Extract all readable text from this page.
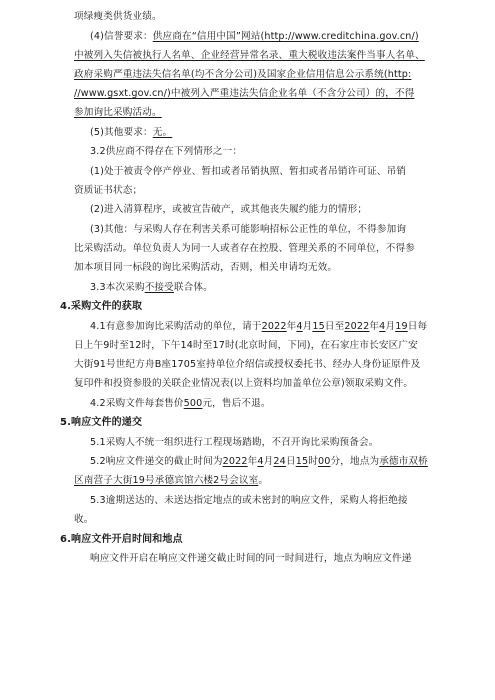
项绿瘦类供货业绩。
(4)信誉要求：供应商在“信用中国”网站(http://www.creditchina.gov.cn/)
中被列入失信被执行人名单、企业经营异常名录、重大税收违法案件当事人名单、
政府采购严重违法失信名单(均不含分公司)及国家企业信用信息公示系统(http:
//www.gsxt.gov.cn/)中被列入严重违法失信企业名单（不含分公司）的，不得
参加询比采购活动。
(5)其他要求：无。
3.2供应商不得存在下列情形之一：
(1)处于被责令停产停业、暂扣或者吊销执照、暂扣或者吊销许可证、吊销
资质证书状态；
(2)进入清算程序，或被宣告破产，或其他丧失履约能力的情形；
(3)其他：与采购人存在利害关系可能影响招标公正性的单位，不得参加询
比采购活动。单位负责人为同一人或者存在控股、管理关系的不同单位，不得参
加本项目同一标段的询比采购活动，否则，相关申请均无效。
3.3本次采购不接受联合体。
4.采购文件的获取
4.1有意参加询比采购活动的单位，请于2022年4月15日至2022年4月19日每
日上午9时至12时，下午14时至17时(北京时间，下同)，在石家庄市长安区广安
大街91号世纪方舟B座1705室持单位介绍信或授权委托书、经办人身份证原件及
复印件和投资参股的关联企业情况表(以上资料均加盖单位公章)领取采购文件。
4.2采购文件每套售价500元，售后不退。
5.响应文件的递交
5.1采购人不统一组织进行工程现场踏勘，不召开询比采购预备会。
5.2响应文件递交的截止时间为2022年4月24日15时00分，地点为承德市双桥
区南营子大街19号承德宾馆六楼2号会议室。
5.3逾期送达的、未送达指定地点的或未密封的响应文件，采购人将拒绝接
收。
6.响应文件开启时间和地点
响应文件开启在响应文件递交截止时间的同一时间进行，地点为响应文件递
